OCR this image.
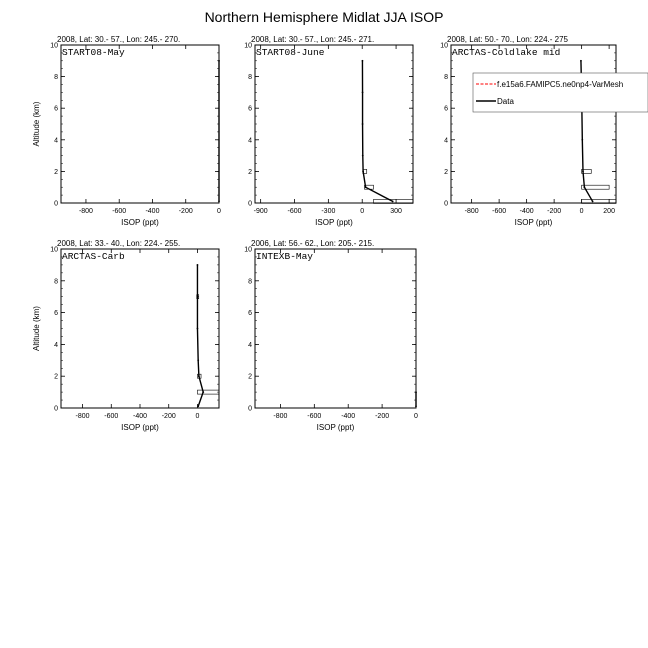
Northern Hemisphere Midlat JJA ISOP
2008, Lat: 30.- 57., Lon: 245.- 270.
START08-May
0
2
4
6
8
10
-800	-600	-400	-200	0
ISOP (ppt)
Altitude (km)
2008, Lat: 30.- 57., Lon: 245.- 271.
START08-June
0
2
4
6
8
10
-900	-600	-300	0	300
ISOP (ppt)
2008, Lat: 50.- 70., Lon: 224.- 275
ARCTAS-Coldlake mid
0
2
4
6
8
10
-800 -600 -400 -200	0	200
ISOP (ppt)
2008, Lat: 33.- 40., Lon: 224.- 255.
ARCTAS-Carb
0
2
4
6
8
10
-800 -600 -400 -200	0
ISOP (ppt)
Altitude (km)
2006, Lat: 56.- 62., Lon: 205.- 215.
INTEXB-May
0
2
4
6
8
10
-800	-600	-400	-200	0
ISOP (ppt)
f.e15a6.FAMIPC5.ne0np4-VarMesh
Data
